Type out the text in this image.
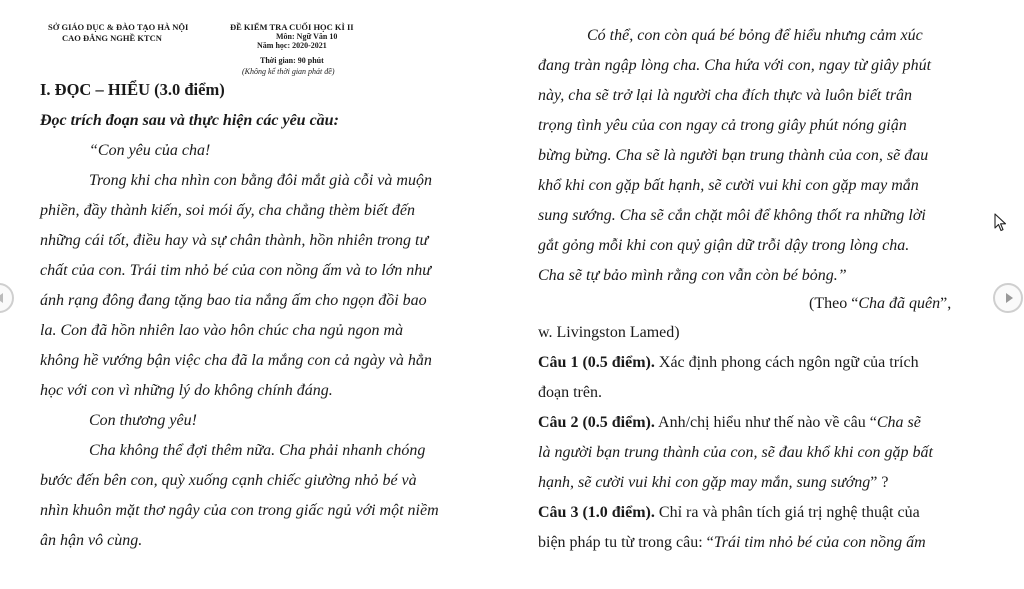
SỞ GIÁO DỤC & ĐÀO TẠO HÀ NỘI
CAO ĐẲNG NGHỀ KTCN
ĐỀ KIỂM TRA CUỐI HỌC KÌ II
Môn: Ngữ Văn 10
Năm học: 2020-2021
Thời gian: 90 phút
(Không kể thời gian phát đề)
I. ĐỌC – HIỂU (3.0 điểm)
Đọc trích đoạn sau và thực hiện các yêu cầu:
“Con yêu của cha!
Trong khi cha nhìn con bằng đôi mắt già cỗi và muộn
phiền, đầy thành kiến, soi mói ấy, cha chẳng thèm biết đến
những cái tốt, điều hay và sự chân thành, hồn nhiên trong tư
chất của con. Trái tim nhỏ bé của con nồng ấm và to lớn như
ánh rạng đông đang tặng bao tia nắng ấm cho ngọn đồi bao
la. Con đã hồn nhiên lao vào hôn chúc cha ngủ ngon mà
không hề vướng bận việc cha đã la mắng con cả ngày và hẳn
học với con vì những lý do không chính đáng.
Con thương yêu!
Cha không thể đợi thêm nữa. Cha phải nhanh chóng
bước đến bên con, quỳ xuống cạnh chiếc giường nhỏ bé và
nhìn khuôn mặt thơ ngây của con trong giấc ngủ với một niềm
ân hận vô cùng.
Có thể, con còn quá bé bỏng để hiểu nhưng cảm xúc
đang tràn ngập lòng cha. Cha hứa với con, ngay từ giây phút
này, cha sẽ trở lại là người cha đích thực và luôn biết trân
trọng tình yêu của con ngay cả trong giây phút nóng giận
bừng bừng. Cha sẽ là người bạn trung thành của con, sẽ đau
khổ khi con gặp bất hạnh, sẽ cười vui khi con gặp may mắn
sung sướng. Cha sẽ cắn chặt môi để không thốt ra những lời
gắt gỏng mỗi khi con quỷ giận dữ trỗi dậy trong lòng cha.
Cha sẽ tự bảo mình rằng con vẫn còn bé bỏng.”
(Theo “Cha đã quên”,
w. Livingston Lamed)
Câu 1 (0.5 điểm). Xác định phong cách ngôn ngữ của trích
đoạn trên.
Câu 2 (0.5 điểm). Anh/chị hiểu như thế nào về câu “Cha sẽ
là người bạn trung thành của con, sẽ đau khổ khi con gặp bất
hạnh, sẽ cười vui khi con gặp may mắn, sung sướng” ?
Câu 3 (1.0 điểm). Chỉ ra và phân tích giá trị nghệ thuật của
biện pháp tu từ trong câu: “Trái tim nhỏ bé của con nồng ấm
